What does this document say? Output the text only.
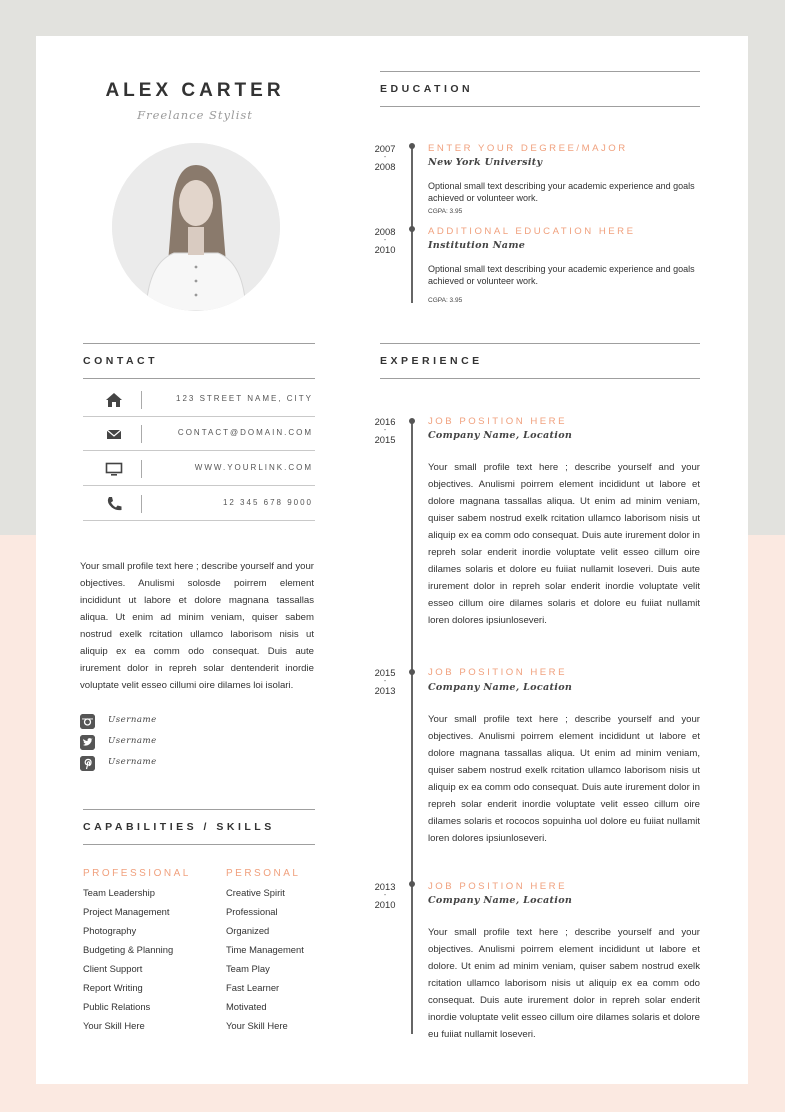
ALEX CARTER
Freelance Stylist
CONTACT
123 STREET NAME, CITY
CONTACT@DOMAIN.COM
WWW.YOURLINK.COM
12 345 678 9000

Your small profile text here ; describe yourself and your objectives. Anulismi solosde poirrem element incididunt ut labore et dolore magnana tassallas aliqua. Ut enim ad minim veniam, quiser sabem nostrud exelk rcitation ullamco laborisom nisis ut aliquip ex ea comm odo consequat. Duis aute irurement dolor in repreh solar dentenderit inordie voluptate velit esseo cillumi oire dilames loi isolari.

Username
Username
Username
CAPABILITIES / SKILLS
PROFESSIONAL
Team Leadership
Project Management
Photography
Budgeting & Planning
Client Support
Report Writing
Public Relations
Your Skill Here
PERSONAL
Creative Spirit
Professional
Organized
Time Management
Team Play
Fast Learner
Motivated
Your Skill Here
EDUCATION
2007
-
2008
ENTER YOUR DEGREE/MAJOR
New York University
Optional small text describing your academic experience and goals achieved or volunteer work.
CGPA: 3.95
2008
-
2010
ADDITIONAL EDUCATION HERE
Institution Name
Optional small text describing your academic experience and goals achieved or volunteer work.
CGPA: 3.95
EXPERIENCE
2016
-
2015
JOB POSITION HERE
Company Name, Location

Your small profile text here ; describe yourself and your objectives. Anulismi poirrem element incididunt ut labore et dolore magnana tassallas aliqua. Ut enim ad minim veniam, quiser sabem nostrud exelk rcitation ullamco laborisom nisis ut aliquip ex ea comm odo consequat. Duis aute irurement dolor in repreh solar enderit inordie voluptate velit esseo cillum oire dilames solaris et dolore eu fuiiat nullamit loseveri. Duis aute irurement dolor in repreh solar enderit inordie voluptate velit esseo cillum oire dilames solaris et dolore eu fuiiat nullamit loren dolores ipsiunloseveri.

2015
-
2013
JOB POSITION HERE
Company Name, Location

Your small profile text here ; describe yourself and your objectives. Anulismi poirrem element incididunt ut labore et dolore magnana tassallas aliqua. Ut enim ad minim veniam, quiser sabem nostrud exelk rcitation ullamco laborisom nisis ut aliquip ex ea comm odo consequat. Duis aute irurement dolor in repreh solar enderit inordie voluptate velit esseo cillum oire dilames solaris et rococos sopuinha uol dolore eu fuiiat nullamit loren dolores ipsiunloseveri.

2013
-
2010
JOB POSITION HERE
Company Name, Location

Your small profile text here ; describe yourself and your objectives. Anulismi poirrem element incididunt ut labore et dolore. Ut enim ad minim veniam, quiser sabem nostrud exelk rcitation ullamco laborisom nisis ut aliquip ex ea comm odo consequat. Duis aute irurement dolor in repreh solar enderit inordie voluptate velit esseo cillum oire dilames solaris et dolore eu fuiiat nullamit loseveri.
